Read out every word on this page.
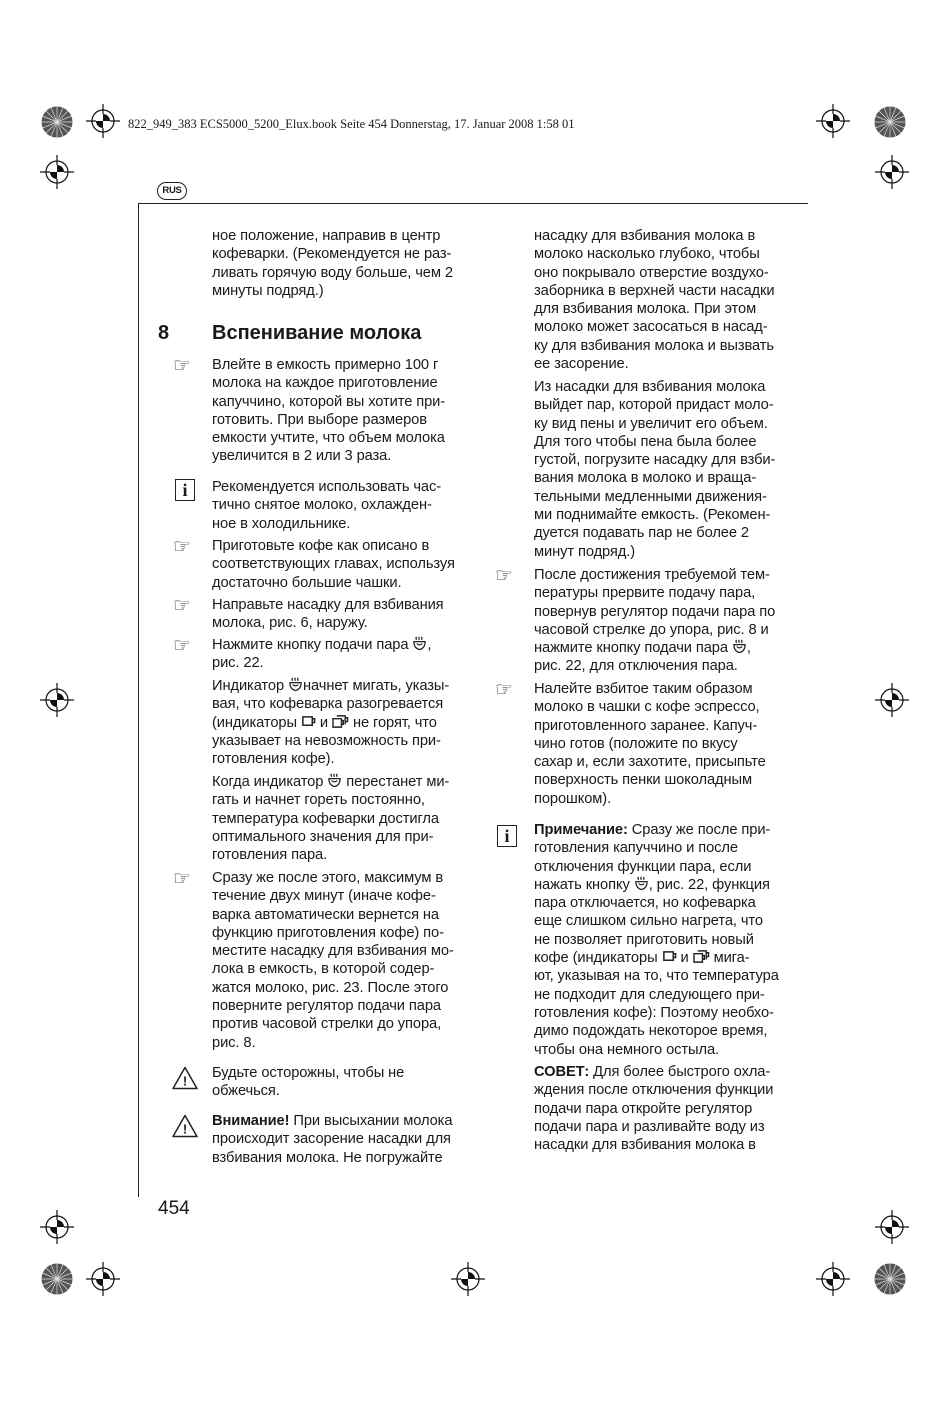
822_949_383 ECS5000_5200_Elux.book Seite 454 Donnerstag, 17. Januar 2008 1:58 01
RUS
ное положение, направив в центр
кофеварки. (Рекомендуется не раз-
ливать горячую воду больше, чем 2
минуты подряд.)
8 Вспенивание молока
☞ Влейте в емкость примерно 100 г
молока на каждое приготовление
капуччино, которой вы хотите при-
готовить. При выборе размеров
емкости учтите, что объем молока
увеличится в 2 или 3 раза.
i	Рекомендуется использовать час-
тично снятое молоко, охлажден-
ное в холодильнике.
☞ Приготовьте кофе как описано в
соответствующих главах, используя
достаточно большие чашки.
☞ Направьте насадку для взбивания
молока, рис. 6, наружу.
☞ Нажмите кнопку подачи пара ,
рис. 22.
Индикатор начнет мигать, указы-
вая, что кофеварка разогревается
(индикаторы  и  не горят, что
указывает на невозможность при-
готовления кофе).
Когда индикатор  перестанет ми-
гать и начнет гореть постоянно,
температура кофеварки достигла
оптимального значения для при-
готовления пара.
☞ Сразу же после этого, максимум в
течение двух минут (иначе кофе-
варка автоматически вернется на
функцию приготовления кофе) по-
местите насадку для взбивания мо-
лока в емкость, в которой содер-
жатся молоко, рис. 23. После этого
поверните регулятор подачи пара
против часовой стрелки до упора,
рис. 8.
Будьте осторожны, чтобы не
обжечься.
Внимание! При высыхании молока
происходит засорение насадки для
взбивания молока. Не погружайте
454
насадку для взбивания молока в
молоко насколько глубоко, чтобы
оно покрывало отверстие воздухо-
заборника в верхней части насадки
для взбивания молока. При этом
молоко может засосаться в насад-
ку для взбивания молока и вызвать
ее засорение.
Из насадки для взбивания молока
выйдет пар, которой придаст моло-
ку вид пены и увеличит его объем.
Для того чтобы пена была более
густой, погрузите насадку для взби-
вания молока в молоко и враща-
тельными медленными движения-
ми поднимайте емкость. (Рекомен-
дуется подавать пар не более 2
минут подряд.)
☞ После достижения требуемой тем-
пературы прервите подачу пара,
повернув регулятор подачи пара по
часовой стрелке до упора, рис. 8 и
нажмите кнопку подачи пара ,
рис. 22, для отключения пара.
☞ Налейте взбитое таким образом
молоко в чашки с кофе эспрессо,
приготовленного заранее. Капуч-
чино готов (положите по вкусу
сахар и, если захотите, присыпьте
поверхность пенки шоколадным
порошком).
i	Примечание: Сразу же после при-
готовления капуччино и после
отключения функции пара, если
нажать кнопку , рис. 22, функция
пара отключается, но кофеварка
еще слишком сильно нагрета, что
не позволяет приготовить новый
кофе (индикаторы  и  мига-
ют, указывая на то, что температура
не подходит для следующего при-
готовления кофе): Поэтому необхо-
димо подождать некоторое время,
чтобы она немного остыла.
СОВЕТ: Для более быстрого охла-
ждения после отключения функции
подачи пара откройте регулятор
подачи пара и разливайте воду из
насадки для взбивания молока в
